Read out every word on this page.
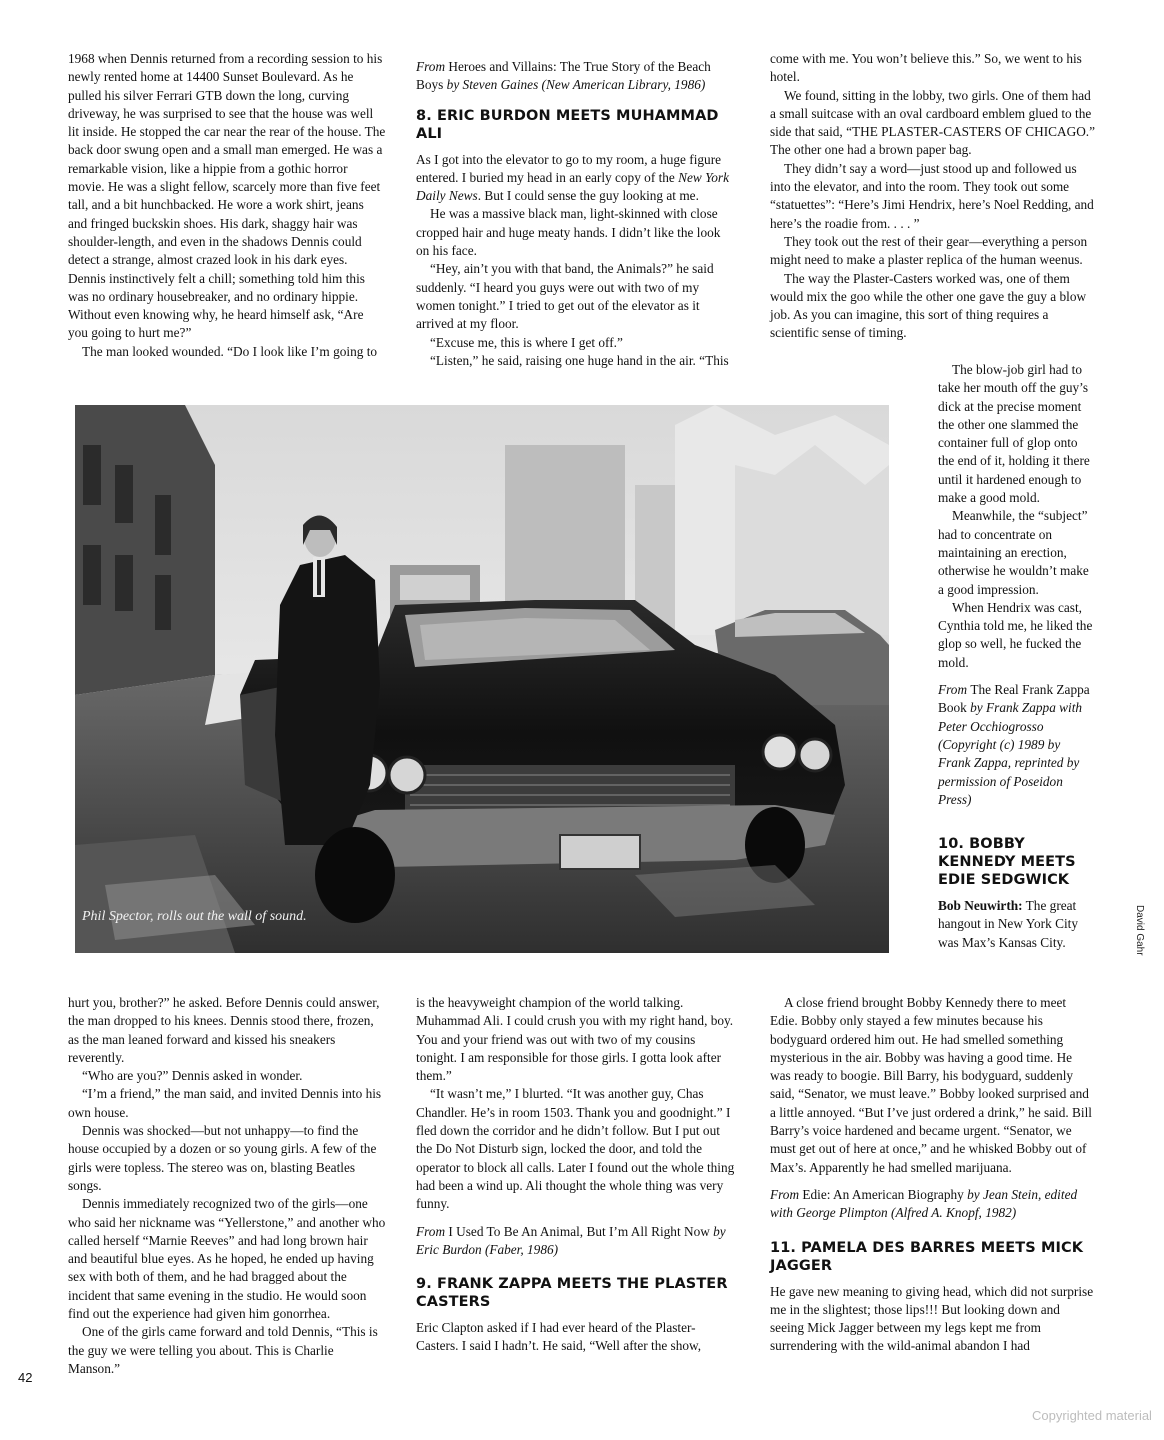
1968 when Dennis returned from a recording session to his newly rented home at 14400 Sunset Boulevard. As he pulled his silver Ferrari GTB down the long, curving driveway, he was surprised to see that the house was well lit inside. He stopped the car near the rear of the house. The back door swung open and a small man emerged. He was a remarkable vision, like a hippie from a gothic horror movie. He was a slight fellow, scarcely more than five feet tall, and a bit hunchbacked. He wore a work shirt, jeans and fringed buckskin shoes. His dark, shaggy hair was shoulder-length, and even in the shadows Dennis could detect a strange, almost crazed look in his dark eyes. Dennis instinctively felt a chill; something told him this was no ordinary housebreaker, and no ordinary hippie. Without even knowing why, he heard himself ask, “Are you going to hurt me?”

The man looked wounded. “Do I look like I’m going to

From Heroes and Villains: The True Story of the Beach Boys by Steven Gaines (New American Library, 1986)

8. ERIC BURDON MEETS MUHAMMAD ALI

As I got into the elevator to go to my room, a huge figure entered. I buried my head in an early copy of the New York Daily News. But I could sense the guy looking at me.

He was a massive black man, light-skinned with close cropped hair and huge meaty hands. I didn’t like the look on his face.

“Hey, ain’t you with that band, the Animals?” he said suddenly. “I heard you guys were out with two of my women tonight.” I tried to get out of the elevator as it arrived at my floor.

“Excuse me, this is where I get off.”

“Listen,” he said, raising one huge hand in the air. “This

come with me. You won’t believe this.” So, we went to his hotel.

We found, sitting in the lobby, two girls. One of them had a small suitcase with an oval cardboard emblem glued to the side that said, “THE PLASTER-CASTERS OF CHICAGO.” The other one had a brown paper bag.

They didn’t say a word—just stood up and followed us into the elevator, and into the room. They took out some “statuettes”: “Here’s Jimi Hendrix, here’s Noel Redding, and here’s the roadie from. . . . ”

They took out the rest of their gear—everything a person might need to make a plaster replica of the human weenus.

The way the Plaster-Casters worked was, one of them would mix the goo while the other one gave the guy a blow job. As you can imagine, this sort of thing requires a scientific sense of timing.

The blow-job girl had to take her mouth off the guy’s dick at the precise moment the other one slammed the container full of glop onto the end of it, holding it there until it hardened enough to make a good mold.

Meanwhile, the “subject” had to concentrate on maintaining an erection, otherwise he wouldn’t make a good impression.

When Hendrix was cast, Cynthia told me, he liked the glop so well, he fucked the mold.

From The Real Frank Zappa Book by Frank Zappa with Peter Occhiogrosso (Copyright (c) 1989 by Frank Zappa, reprinted by permission of Poseidon Press)

10. BOBBY KENNEDY MEETS EDIE SEDGWICK

Bob Neuwirth: The great hangout in New York City was Max’s Kansas City.

Phil Spector, rolls out the wall of sound.	David Gahr

hurt you, brother?” he asked. Before Dennis could answer, the man dropped to his knees. Dennis stood there, frozen, as the man leaned forward and kissed his sneakers reverently.

“Who are you?” Dennis asked in wonder.

“I’m a friend,” the man said, and invited Dennis into his own house.

Dennis was shocked—but not unhappy—to find the house occupied by a dozen or so young girls. A few of the girls were topless. The stereo was on, blasting Beatles songs.

Dennis immediately recognized two of the girls—one who said her nickname was “Yellerstone,” and another who called herself “Marnie Reeves” and had long brown hair and beautiful blue eyes. As he hoped, he ended up having sex with both of them, and he had bragged about the incident that same evening in the studio. He would soon find out the experience had given him gonorrhea.

One of the girls came forward and told Dennis, “This is the guy we were telling you about. This is Charlie Manson.”

is the heavyweight champion of the world talking. Muhammad Ali. I could crush you with my right hand, boy. You and your friend was out with two of my cousins tonight. I am responsible for those girls. I gotta look after them.”

“It wasn’t me,” I blurted. “It was another guy, Chas Chandler. He’s in room 1503. Thank you and goodnight.” I fled down the corridor and he didn’t follow. But I put out the Do Not Disturb sign, locked the door, and told the operator to block all calls. Later I found out the whole thing had been a wind up. Ali thought the whole thing was very funny.

From I Used To Be An Animal, But I’m All Right Now by Eric Burdon (Faber, 1986)

9. FRANK ZAPPA MEETS THE PLASTER CASTERS

Eric Clapton asked if I had ever heard of the Plaster-Casters. I said I hadn’t. He said, “Well after the show,

A close friend brought Bobby Kennedy there to meet Edie. Bobby only stayed a few minutes because his bodyguard ordered him out. He had smelled something mysterious in the air. Bobby was having a good time. He was ready to boogie. Bill Barry, his bodyguard, suddenly said, “Senator, we must leave.” Bobby looked surprised and a little annoyed. “But I’ve just ordered a drink,” he said. Bill Barry’s voice hardened and became urgent. “Senator, we must get out of here at once,” and he whisked Bobby out of Max’s. Apparently he had smelled marijuana.

From Edie: An American Biography by Jean Stein, edited with George Plimpton (Alfred A. Knopf, 1982)

11. PAMELA DES BARRES MEETS MICK JAGGER

He gave new meaning to giving head, which did not surprise me in the slightest; those lips!!! But looking down and seeing Mick Jagger between my legs kept me from surrendering with the wild-animal abandon I had

42
Copyrighted material
